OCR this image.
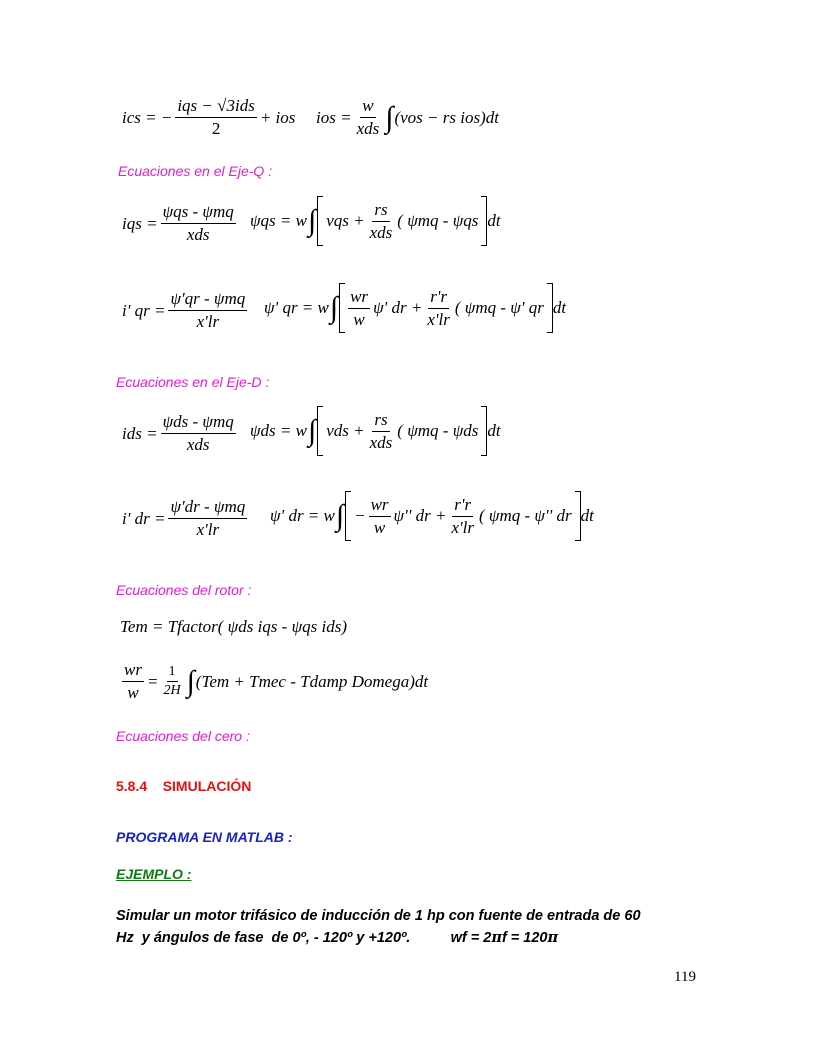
ics = − $\frac{\text{iqs − √3ids}}{2}$ + ios ios = $\frac{w}{\text{xds}}$ ∫ (vos − rs ios)dt
Ecuaciones en el Eje-Q :
iqs = $\frac{\text{ψqs - ψmq}}{\text{xds}}$ ψqs = w ∫ vqs + $\frac{rs}{\text{xds}}$ ( ψmq - ψqs dt
i' qr = $\frac{\text{ψ'qr - ψmq}}{x'lr} \psi'$ qr = w ∫ $\frac{wr}{w} \psi'$ dr + $\frac{r'r}{x'lr}$ ( ψmq - ψ' qr dt
Ecuaciones en el Eje-D :
ids = $\frac{\text{ψds - ψmq}}{\text{xds}}$ ψds = w ∫ vds + $\frac{rs}{\text{xds}}$ ( ψmq - ψds dt
i' dr = $\frac{\text{ψ'dr - ψmq}}{x'lr} \psi'$ dr = w ∫ − $\frac{wr}{w} \psi''$ dr + $\frac{r'r}{x'lr}$ ( ψmq - ψ'' dr dt
Ecuaciones del rotor :
Tem = Tfactor( ψds iqs - ψqs ids)
$\frac{wr}{w} = \frac{1}{2H}$ ∫ (Tem + Tmec - Tdamp Domega)dt
Ecuaciones del cero :
5.8.4    SIMULACIÓN
PROGRAMA EN MATLAB :
EJEMPLO :
Simular un motor trifásico de inducción de 1 hp con fuente de entrada de 60
Hz  y ángulos de fase  de 0º, - 120º y +120º.          wf = 2πf = 120π
119
